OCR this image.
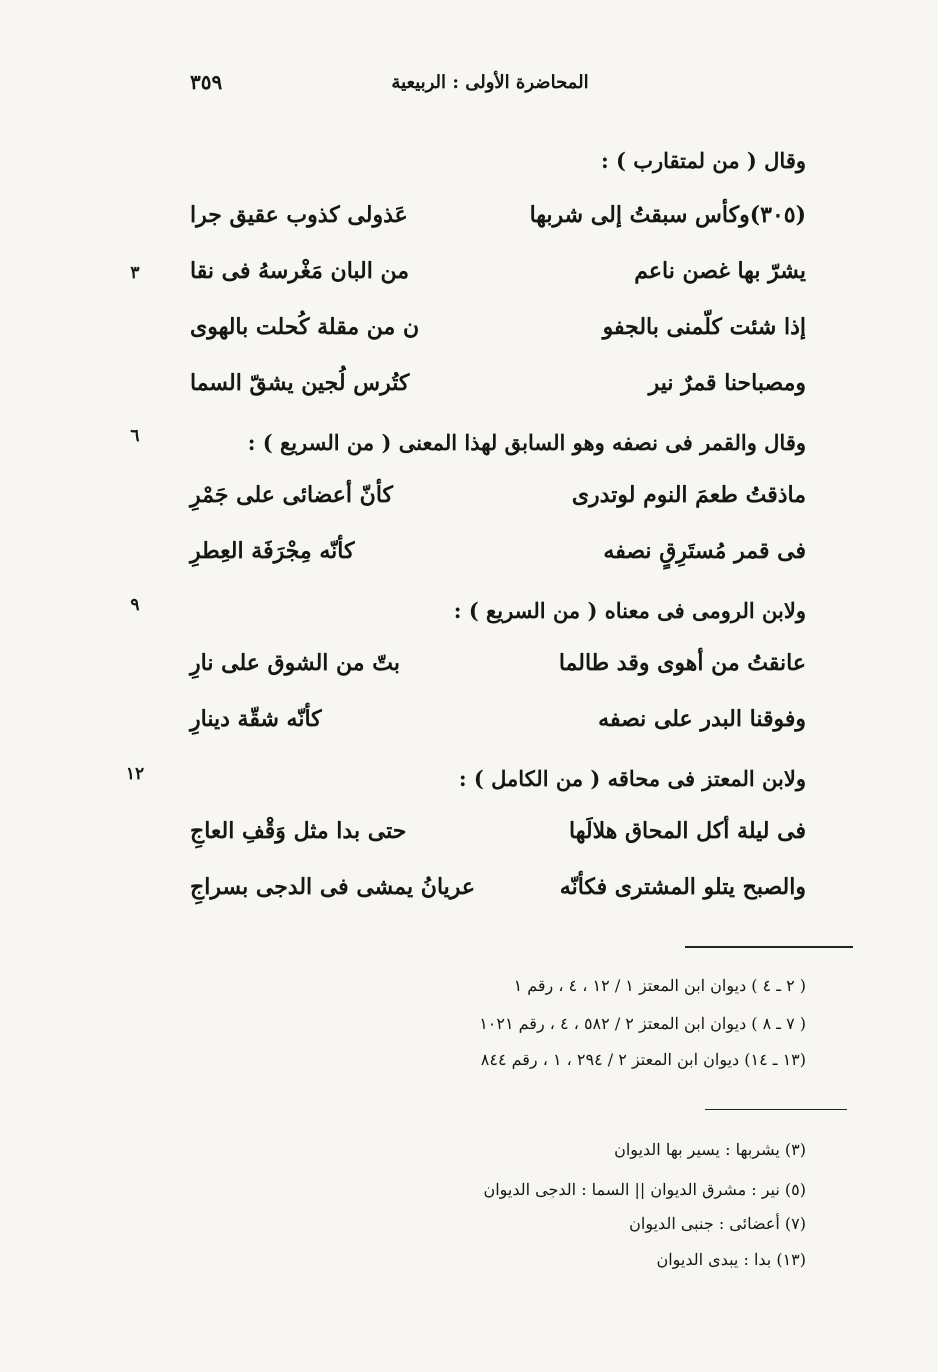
المحاضرة الأولى : الربيعية
٣٥٩
وقال ( من لمتقارب ) :
(٣٠٥)وكأس سبقتُ إلى شربها
عَذولى كذوب عقيق جرا
يشرّ بها غصن ناعم
من البان مَغْرسهُ فى نقا
٣
إذا شئت كلّمنى بالجفو
ن من مقلة كُحلت بالهوى
ومصباحنا قمرٌ نير
كتُرس لُجين يشقّ السما
وقال والقمر فى نصفه وهو السابق لهذا المعنى ( من السريع ) :
٦
ماذقتُ طعمَ النوم لوتدرى
كأنّ أعضائى على جَمْرِ
فى قمر مُستَرِقٍ نصفه
كأنّه مِجْرَفَة العِطرِ
ولابن الرومى فى معناه ( من السريع ) :
٩
عانقتُ من أهوى وقد طالما
بتّ من الشوق على نارِ
وفوقنا البدر على نصفه
كأنّه شقّة دينارِ
ولابن المعتز فى محاقه ( من الكامل ) :
١٢
فى ليلة أكل المحاق هلالَها
حتى بدا مثل وَقْفِ العاجِ
والصبح يتلو المشترى فكأنّه
عريانُ يمشى فى الدجى بسراجِ
( ٢ ـ ٤ ) ديوان ابن المعتز ١ / ١٢ ، ٤ ، رقم ١
( ٧ ـ ٨ ) ديوان ابن المعتز ٢ / ٥٨٢ ، ٤ ، رقم ١٠٢١
(١٣ ـ ١٤) ديوان ابن المعتز ٢ / ٢٩٤ ، ١ ، رقم ٨٤٤
(٣) يشربها : يسير بها الديوان
(٥) نير : مشرق الديوان || السما : الدجى الديوان
(٧) أعضائى : جنبى الديوان
(١٣) بدا : يبدى الديوان
